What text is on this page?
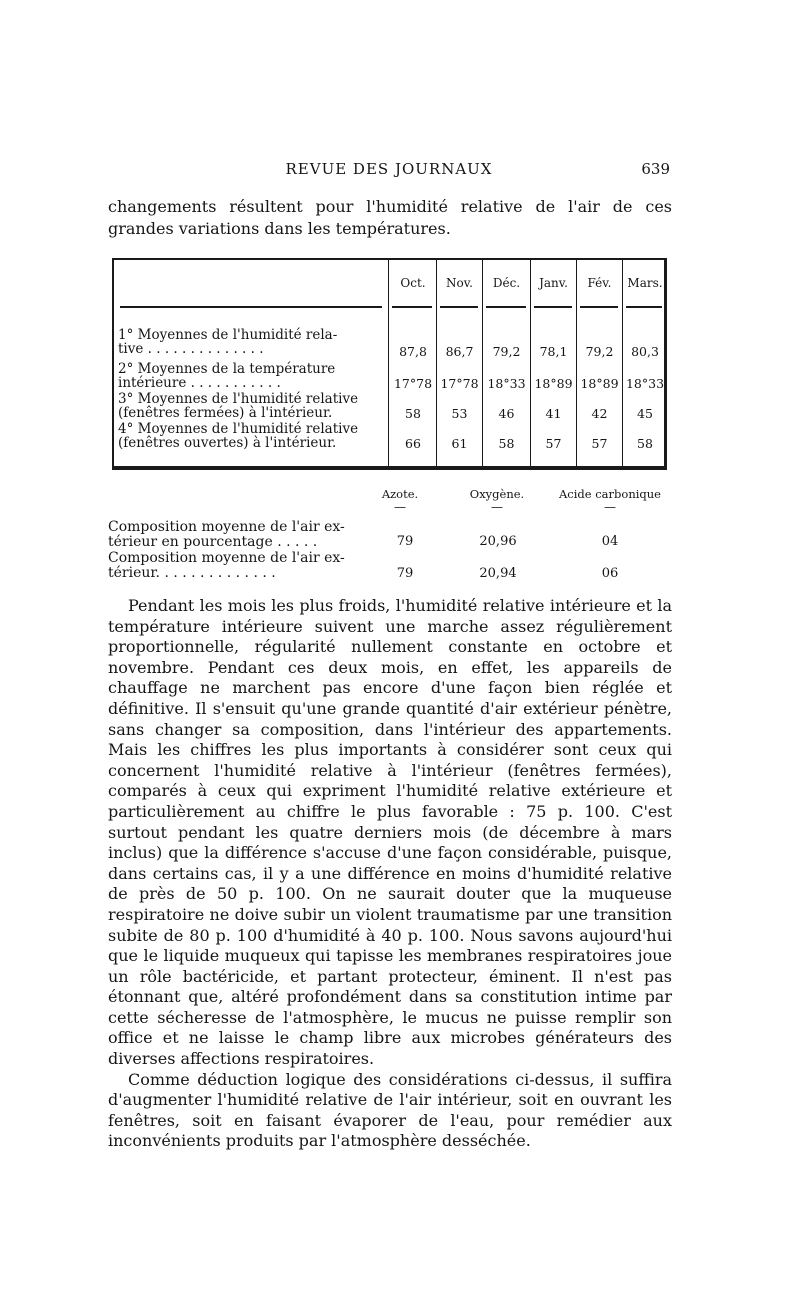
REVUE DES JOURNAUX	639

changements résultent pour l'humidité relative de l'air de ces grandes variations dans les températures.

Oct.	Nov.	Déc.	Janv.	Fév.	Mars.
1° Moyennes de l'humidité rela-
tive . . . . . . . . . . . . . .	87,8	86,7	79,2	78,1	79,2	80,3
2° Moyennes de la température
intérieure . . . . . . . . . . .	17°78 17°78 18°33 18°89 18°89 18°33
3° Moyennes de l'humidité relative
(fenêtres fermées) à l'intérieur.	58	53	46	41	42	45
4° Moyennes de l'humidité relative
(fenêtres ouvertes) à l'intérieur.	66	61	58	57	57	58
Azote.	Oxygène.	Acide carbonique
—	—	—
Composition moyenne de l'air ex-
térieur en pourcentage . . . . .	79	20,96	04
Composition moyenne de l'air ex-
térieur. . . . . . . . . . . . . .	79	20,94	06

Pendant les mois les plus froids, l'humidité relative intérieure et la température intérieure suivent une marche assez régulièrement proportionnelle, régularité nullement constante en octobre et novembre. Pendant ces deux mois, en effet, les appareils de chauffage ne marchent pas encore d'une façon bien réglée et définitive. Il s'ensuit qu'une grande quantité d'air extérieur pénètre, sans changer sa composition, dans l'intérieur des appartements. Mais les chiffres les plus importants à considérer sont ceux qui concernent l'humidité relative à l'intérieur (fenêtres fermées), comparés à ceux qui expriment l'humidité relative extérieure et particulièrement au chiffre le plus favorable : 75 p. 100. C'est surtout pendant les quatre derniers mois (de décembre à mars inclus) que la différence s'accuse d'une façon considérable, puisque, dans certains cas, il y a une différence en moins d'humidité relative de près de 50 p. 100. On ne saurait douter que la muqueuse respiratoire ne doive subir un violent traumatisme par une transition subite de 80 p. 100 d'humidité à 40 p. 100. Nous savons aujourd'hui que le liquide muqueux qui tapisse les membranes respiratoires joue un rôle bactéricide, et partant protecteur, éminent. Il n'est pas étonnant que, altéré profondément dans sa constitution intime par cette sécheresse de l'atmosphère, le mucus ne puisse remplir son office et ne laisse le champ libre aux microbes générateurs des diverses affections respiratoires.

Comme déduction logique des considérations ci-dessus, il suffira d'augmenter l'humidité relative de l'air intérieur, soit en ouvrant les fenêtres, soit en faisant évaporer de l'eau, pour remédier aux inconvénients produits par l'atmosphère desséchée.
